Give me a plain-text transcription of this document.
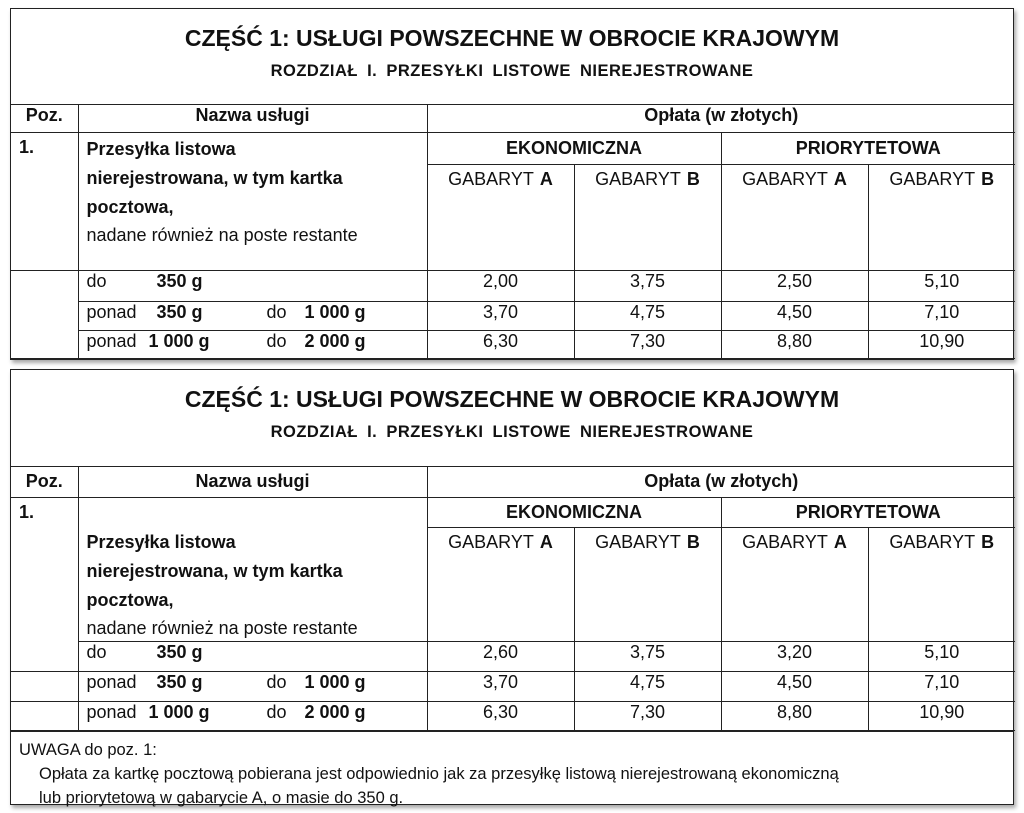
CZĘŚĆ 1: USŁUGI POWSZECHNE W OBROCIE KRAJOWYM
ROZDZIAŁ I. PRZESYŁKI LISTOWE NIEREJESTROWANE
Poz.	Nazwa usługi	Opłata (w złotych)			
1.	Przesyłka listowa
nierejestrowana, w tym kartka
pocztowa,
nadane również na poste restante	EKONOMICZNA		PRIORYTETOWA	
		GABARYT A	GABARYT B	GABARYT A	GABARYT B

	do 350 g	2,00	3,75	2,50	5,10

	ponad 350 g do 1 000 g	3,70	4,75	4,50	7,10

	ponad 1 000 g do 2 000 g	6,30	7,30	8,80	10,90
CZĘŚĆ 1: USŁUGI POWSZECHNE W OBROCIE KRAJOWYM
ROZDZIAŁ I. PRZESYŁKI LISTOWE NIEREJESTROWANE
Poz.	Nazwa usługi	Opłata (w złotych)			
1.	Przesyłka listowa
nierejestrowana, w tym kartka
pocztowa,
nadane również na poste restante	EKONOMICZNA		PRIORYTETOWA	
		GABARYT A	GABARYT B	GABARYT A	GABARYT B

	do 350 g	2,60	3,75	3,20	5,10

	ponad 350 g do 1 000 g	3,70	4,75	4,50	7,10

	ponad 1 000 g do 2 000 g	6,30	7,30	8,80	10,90
UWAGA do poz. 1:
Opłata za kartkę pocztową pobierana jest odpowiednio jak za przesyłkę listową nierejestrowaną ekonomiczną
lub priorytetową w gabarycie A, o masie do 350 g.
